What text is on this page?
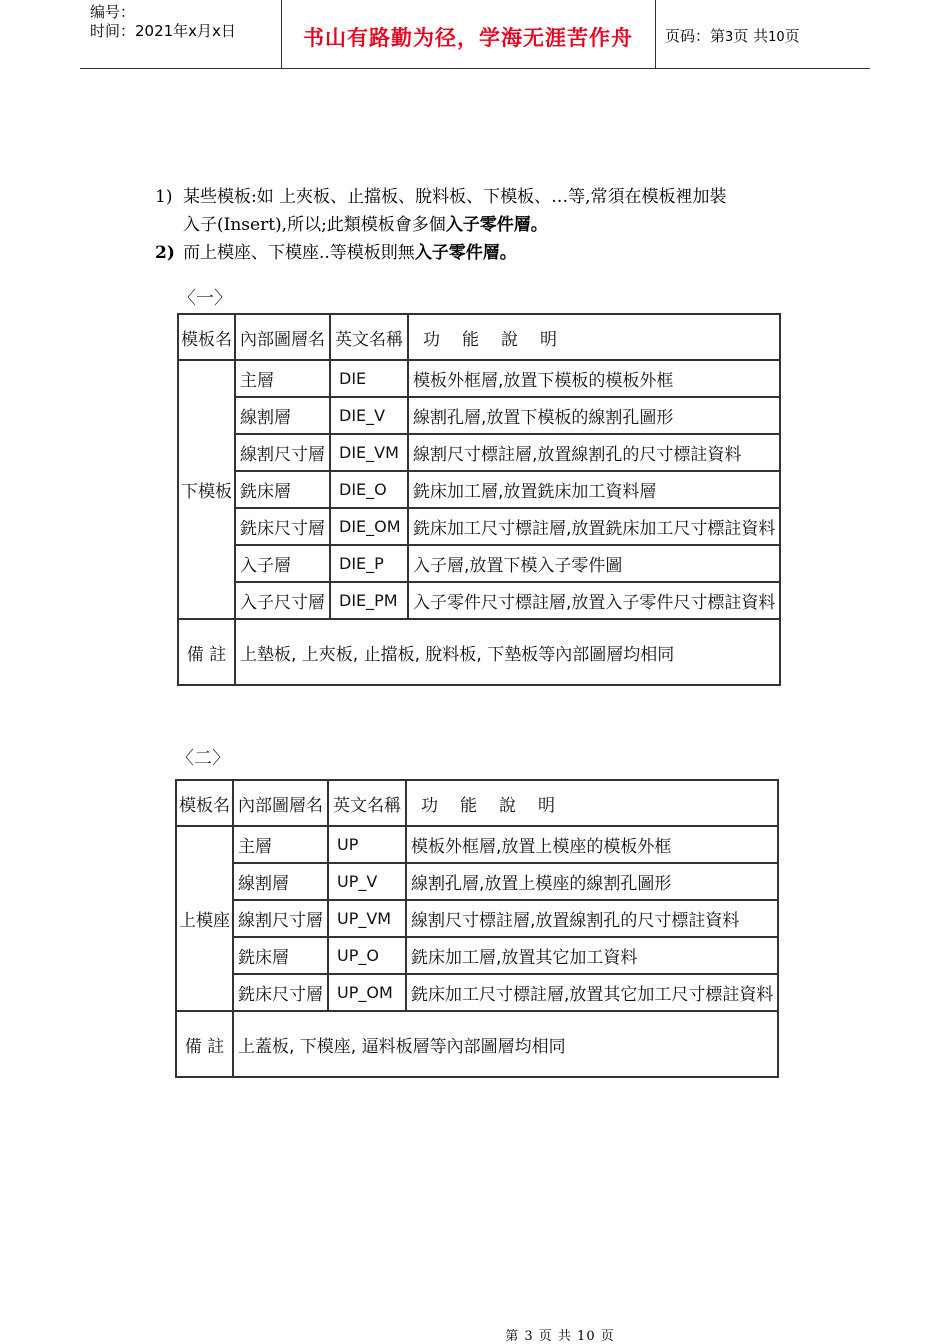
编号：
时间：2021年x月x日	书山有路勤为径，学海无涯苦作舟	页码：第3页 共10页
1) 某些模板:如 上夾板、止擋板、脫料板、下模板、…等,常須在模板裡加裝
入子(Insert),所以;此類模板會多個入子零件層。
2) 而上模座、下模座..等模板則無入子零件層。
〈一〉
模板名	內部圖層名	英文名稱	功能說明
下模板	主層	DIE	模板外框層,放置下模板的模板外框
	線割層	DIE_V	線割孔層,放置下模板的線割孔圖形
	線割尺寸層	DIE_VM	線割尺寸標註層,放置線割孔的尺寸標註資料
	銑床層	DIE_O	銑床加工層,放置銑床加工資料層
	銑床尺寸層	DIE_OM	銑床加工尺寸標註層,放置銑床加工尺寸標註資料
	入子層	DIE_P	入子層,放置下模入子零件圖
	入子尺寸層	DIE_PM	入子零件尺寸標註層,放置入子零件尺寸標註資料
備 註	上墊板, 上夾板, 止擋板, 脫料板, 下墊板等內部圖層均相同		
〈二〉
模板名	內部圖層名	英文名稱	功能說明
上模座	主層	UP	模板外框層,放置上模座的模板外框
	線割層	UP_V	線割孔層,放置上模座的線割孔圖形
	線割尺寸層	UP_VM	線割尺寸標註層,放置線割孔的尺寸標註資料
	銑床層	UP_O	銑床加工層,放置其它加工資料
	銑床尺寸層	UP_OM	銑床加工尺寸標註層,放置其它加工尺寸標註資料
備 註	上蓋板, 下模座, 逼料板層等內部圖層均相同		
第 3 页 共 10 页
